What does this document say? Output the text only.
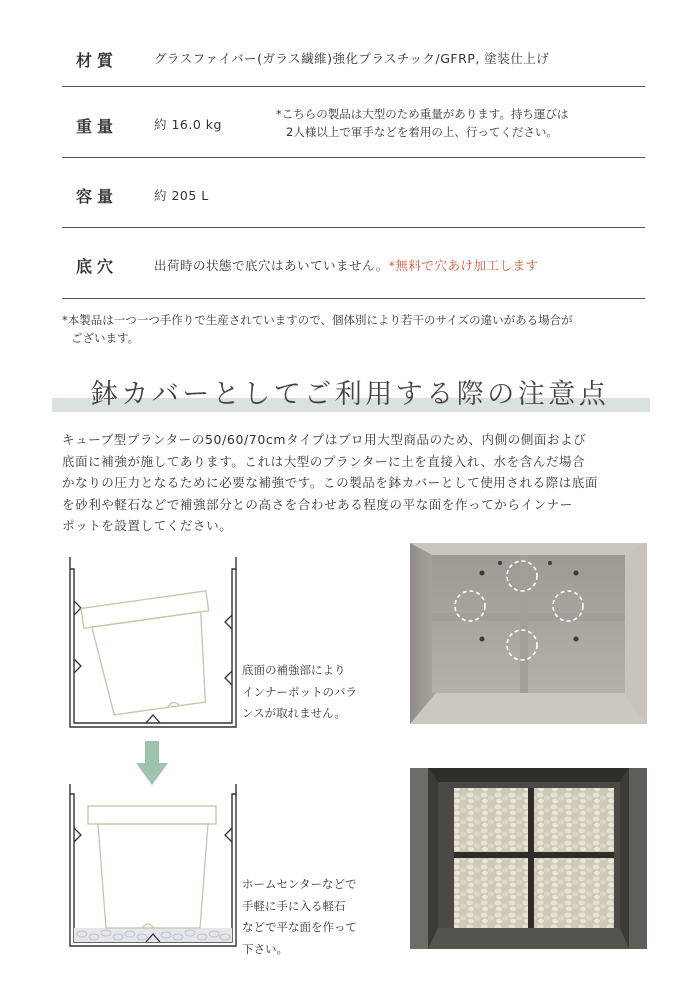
材質	グラスファイバー(ガラス繊維)強化プラスチック/GFRP, 塗装仕上げ
重量	約 16.0 kg
*こちらの製品は大型のため重量があります。持ち運びは
2人様以上で軍手などを着用の上、行ってください。
容量	約 205 L
底穴	出荷時の状態で底穴はあいていません。*無料で穴あけ加工します
*本製品は一つ一つ手作りで生産されていますので、個体別により若干のサイズの違いがある場合が
ございます。
鉢カバーとしてご利用する際の注意点
キューブ型プランターの50/60/70cmタイプはプロ用大型商品のため、内側の側面および
底面に補強が施してあります。これは大型のプランターに土を直接入れ、水を含んだ場合
かなりの圧力となるために必要な補強です。この製品を鉢カバーとして使用される際は底面
を砂利や軽石などで補強部分との高さを合わせある程度の平な面を作ってからインナー
ポットを設置してください。
底面の補強部により
インナーポットのバラ
ンスが取れません。
ホームセンターなどで
手軽に手に入る軽石
などで平な面を作って
下さい。
